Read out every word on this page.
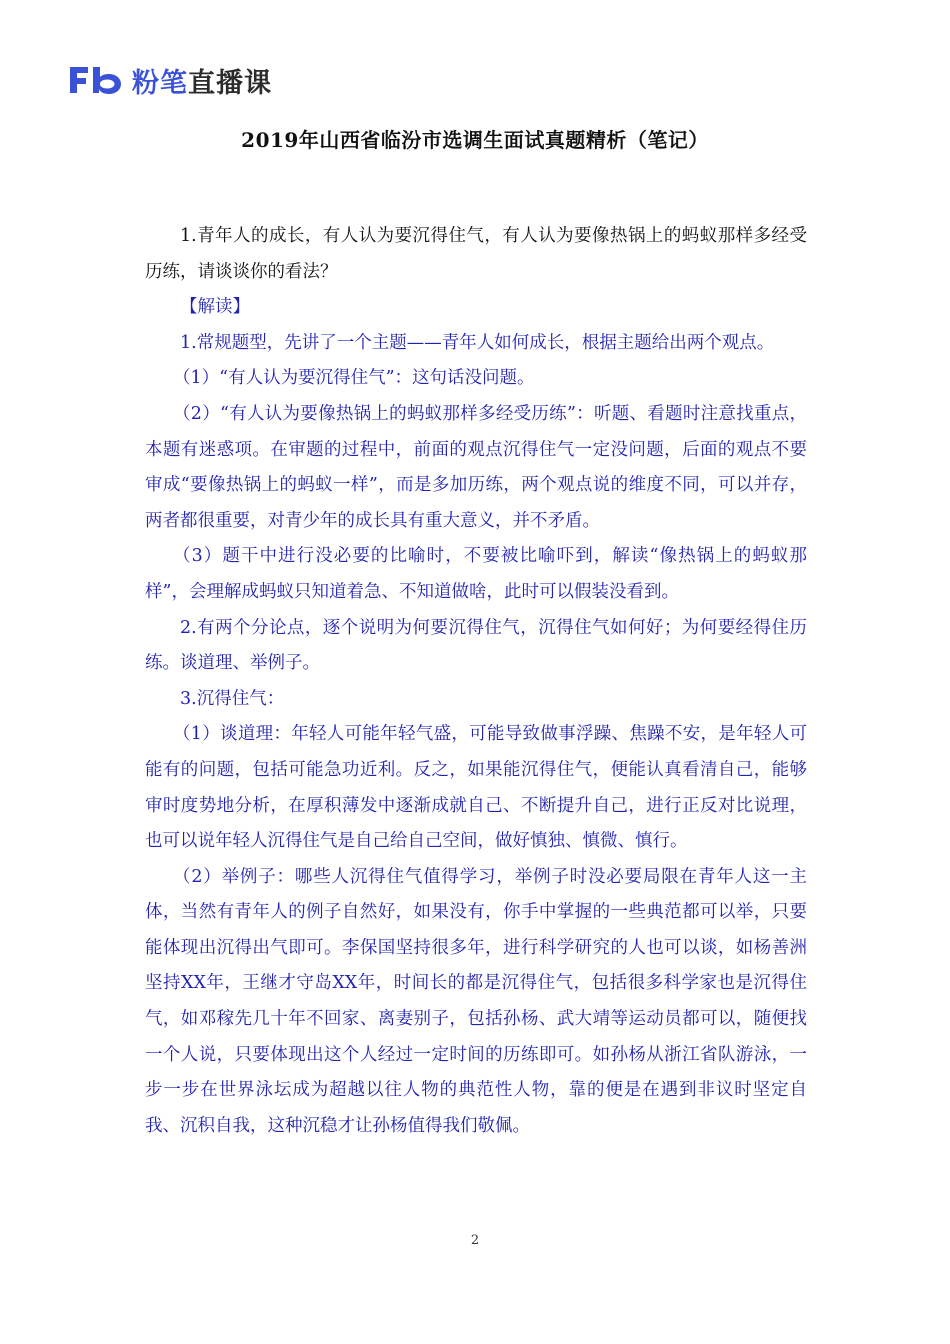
粉笔直播课
2019年山西省临汾市选调生面试真题精析（笔记）

1.青年人的成长，有人认为要沉得住气，有人认为要像热锅上的蚂蚁那样多经受历练，请谈谈你的看法？

【解读】

1.常规题型，先讲了一个主题——青年人如何成长，根据主题给出两个观点。

（1）“有人认为要沉得住气”：这句话没问题。

（2）“有人认为要像热锅上的蚂蚁那样多经受历练”：听题、看题时注意找重点，本题有迷惑项。在审题的过程中，前面的观点沉得住气一定没问题，后面的观点不要审成“要像热锅上的蚂蚁一样”，而是多加历练，两个观点说的维度不同，可以并存，两者都很重要，对青少年的成长具有重大意义，并不矛盾。

（3）题干中进行没必要的比喻时，不要被比喻吓到，解读“像热锅上的蚂蚁那样”，会理解成蚂蚁只知道着急、不知道做啥，此时可以假装没看到。

2.有两个分论点，逐个说明为何要沉得住气，沉得住气如何好；为何要经得住历练。谈道理、举例子。

3.沉得住气：

（1）谈道理：年轻人可能年轻气盛，可能导致做事浮躁、焦躁不安，是年轻人可能有的问题，包括可能急功近利。反之，如果能沉得住气，便能认真看清自己，能够审时度势地分析，在厚积薄发中逐渐成就自己、不断提升自己，进行正反对比说理，也可以说年轻人沉得住气是自己给自己空间，做好慎独、慎微、慎行。

（2）举例子：哪些人沉得住气值得学习，举例子时没必要局限在青年人这一主体，当然有青年人的例子自然好，如果没有，你手中掌握的一些典范都可以举，只要能体现出沉得出气即可。李保国坚持很多年，进行科学研究的人也可以谈，如杨善洲坚持XX年，王继才守岛XX年，时间长的都是沉得住气，包括很多科学家也是沉得住气，如邓稼先几十年不回家、离妻别子，包括孙杨、武大靖等运动员都可以，随便找一个人说，只要体现出这个人经过一定时间的历练即可。如孙杨从浙江省队游泳，一步一步在世界泳坛成为超越以往人物的典范性人物，靠的便是在遇到非议时坚定自我、沉积自我，这种沉稳才让孙杨值得我们敬佩。

2
